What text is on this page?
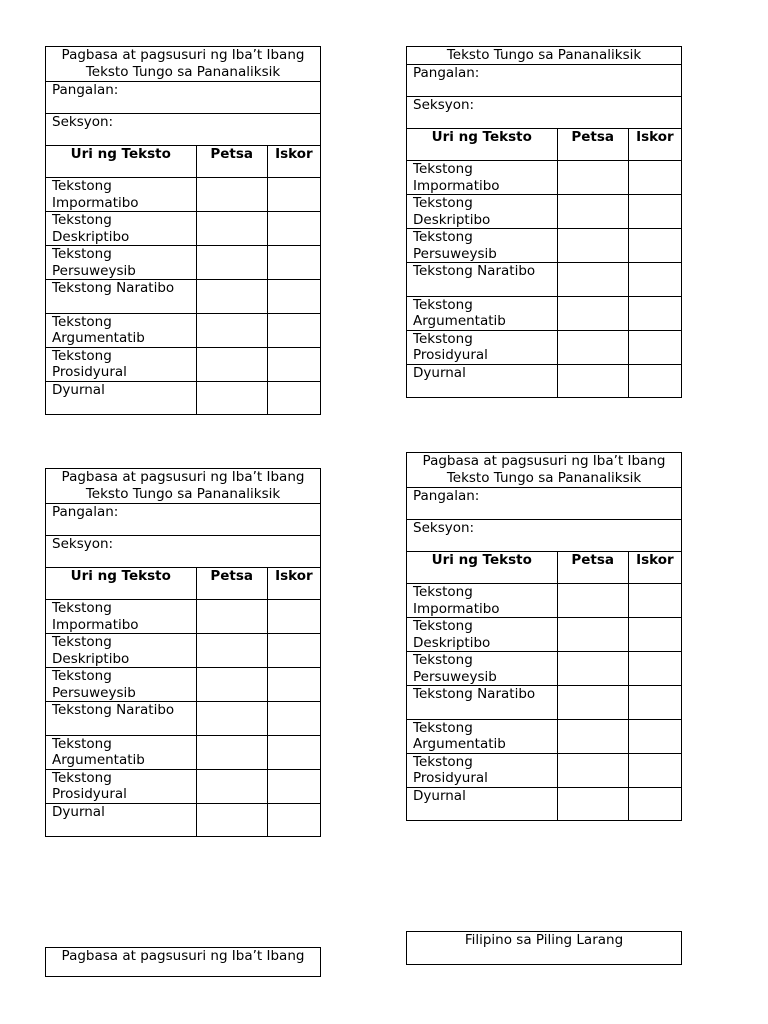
Pagbasa at pagsusuri ng Iba’t Ibang
Teksto Tungo sa Pananaliksik		

Pangalan:		
Seksyon:		
Uri ng Teksto	Petsa	Iskor

Tekstong
Impormatibo		

Tekstong
Deskriptibo		

Tekstong
Persuweysib		

Tekstong Naratibo		

Tekstong
Argumentatib		

Tekstong
Prosidyural		

Dyurnal		

Teksto Tungo sa Pananaliksik		

Pangalan:		
Seksyon:		
Uri ng Teksto	Petsa	Iskor

Tekstong
Impormatibo		

Tekstong
Deskriptibo		

Tekstong
Persuweysib		

Tekstong Naratibo		

Tekstong
Argumentatib		

Tekstong
Prosidyural		

Dyurnal		

Pagbasa at pagsusuri ng Iba’t Ibang
Teksto Tungo sa Pananaliksik		

Pangalan:		
Seksyon:		
Uri ng Teksto	Petsa	Iskor

Tekstong
Impormatibo		

Tekstong
Deskriptibo		

Tekstong
Persuweysib		

Tekstong Naratibo		

Tekstong
Argumentatib		

Tekstong
Prosidyural		

Dyurnal		

Pagbasa at pagsusuri ng Iba’t Ibang
Teksto Tungo sa Pananaliksik		

Pangalan:		
Seksyon:		
Uri ng Teksto	Petsa	Iskor

Tekstong
Impormatibo		

Tekstong
Deskriptibo		

Tekstong
Persuweysib		

Tekstong Naratibo		

Tekstong
Argumentatib		

Tekstong
Prosidyural		

Dyurnal		

Pagbasa at pagsusuri ng Iba’t Ibang
Filipino sa Piling Larang
